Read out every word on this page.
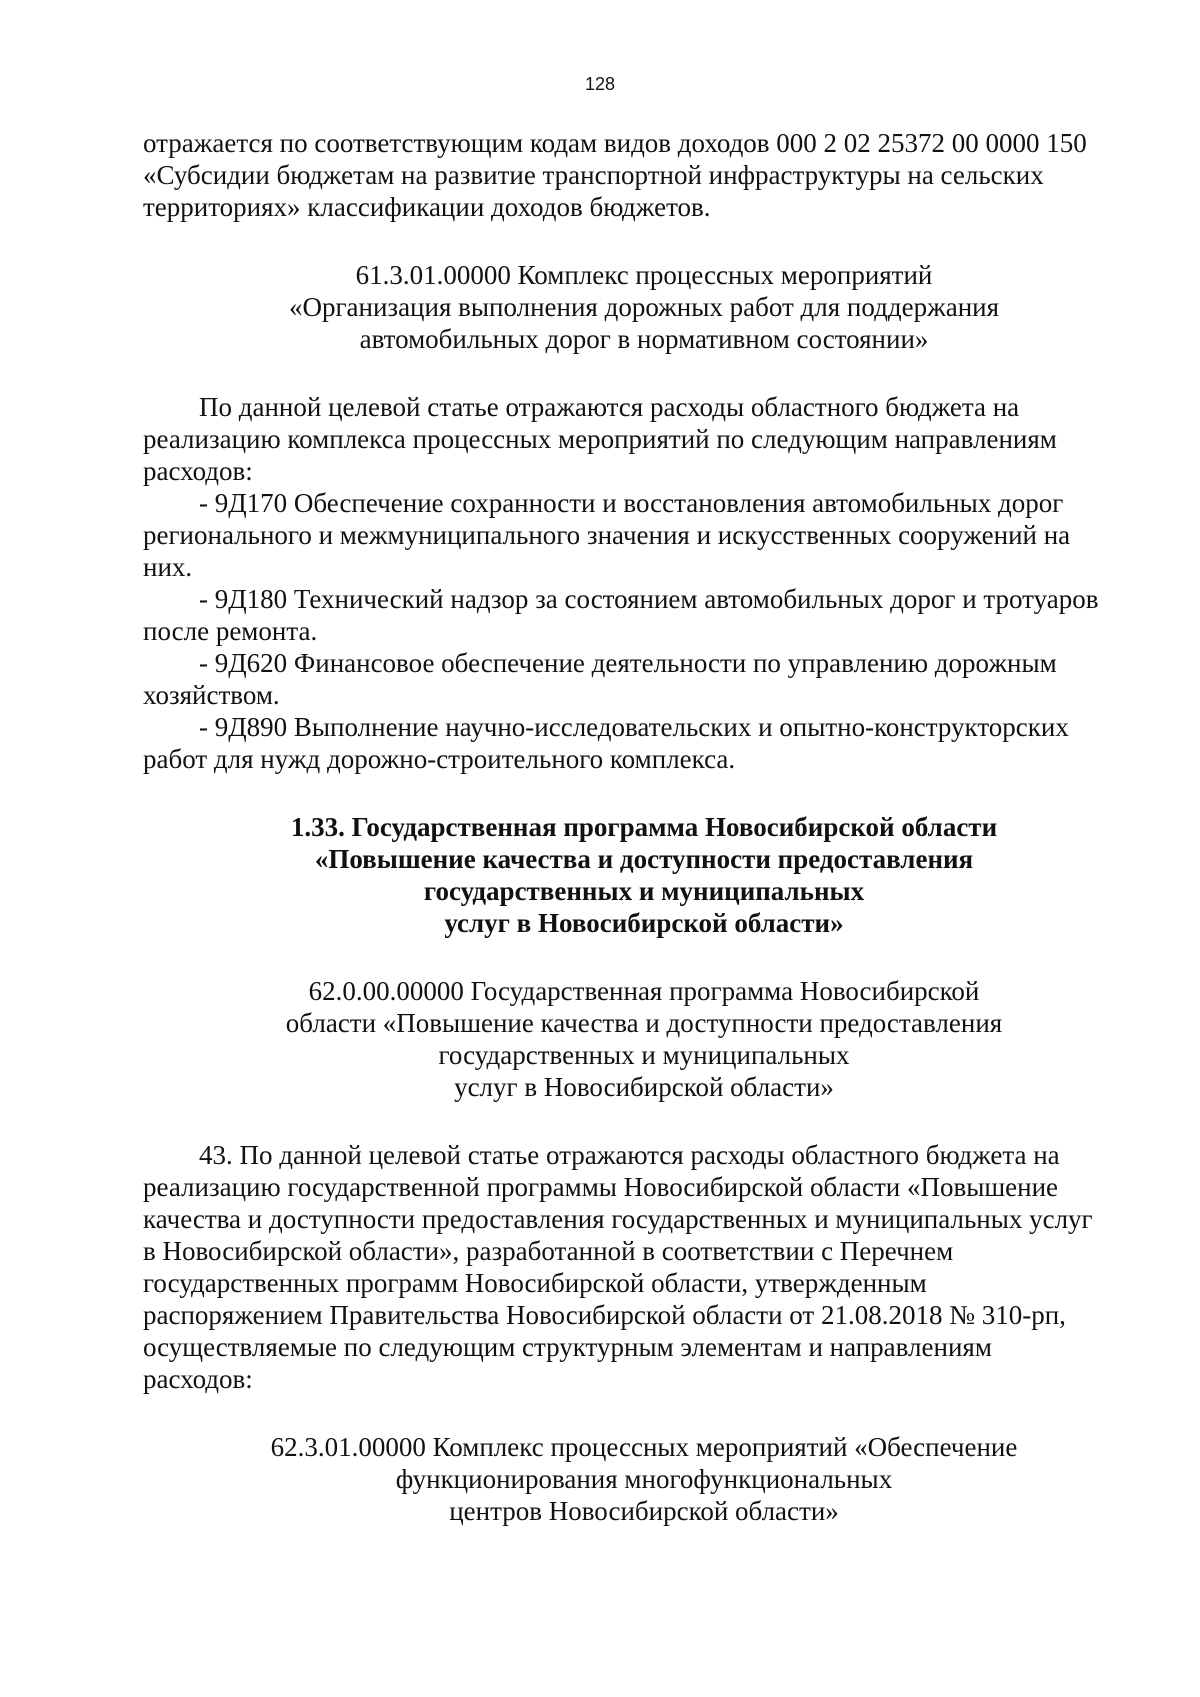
128
отражается по соответствующим кодам видов доходов 000 2 02 25372 00 0000 150
«Субсидии бюджетам на развитие транспортной инфраструктуры на сельских
территориях» классификации доходов бюджетов.
61.3.01.00000 Комплекс процессных мероприятий
«Организация выполнения дорожных работ для поддержания
автомобильных дорог в нормативном состоянии»
По данной целевой статье отражаются расходы областного бюджета на
реализацию комплекса процессных мероприятий по следующим направлениям
расходов:
- 9Д170 Обеспечение сохранности и восстановления автомобильных дорог
регионального и межмуниципального значения и искусственных сооружений на
них.
- 9Д180 Технический надзор за состоянием автомобильных дорог и тротуаров
после ремонта.
- 9Д620 Финансовое обеспечение деятельности по управлению дорожным
хозяйством.
- 9Д890 Выполнение научно-исследовательских и опытно-конструкторских
работ для нужд дорожно-строительного комплекса.
1.33. Государственная программа Новосибирской области
«Повышение качества и доступности предоставления
государственных и муниципальных
услуг в Новосибирской области»
62.0.00.00000 Государственная программа Новосибирской
области «Повышение качества и доступности предоставления
государственных и муниципальных
услуг в Новосибирской области»
43. По данной целевой статье отражаются расходы областного бюджета на
реализацию государственной программы Новосибирской области «Повышение
качества и доступности предоставления государственных и муниципальных услуг
в Новосибирской области», разработанной в соответствии с Перечнем
государственных программ Новосибирской области, утвержденным
распоряжением Правительства Новосибирской области от 21.08.2018 № 310-рп,
осуществляемые по следующим структурным элементам и направлениям
расходов:
62.3.01.00000 Комплекс процессных мероприятий «Обеспечение
функционирования многофункциональных
центров Новосибирской области»
